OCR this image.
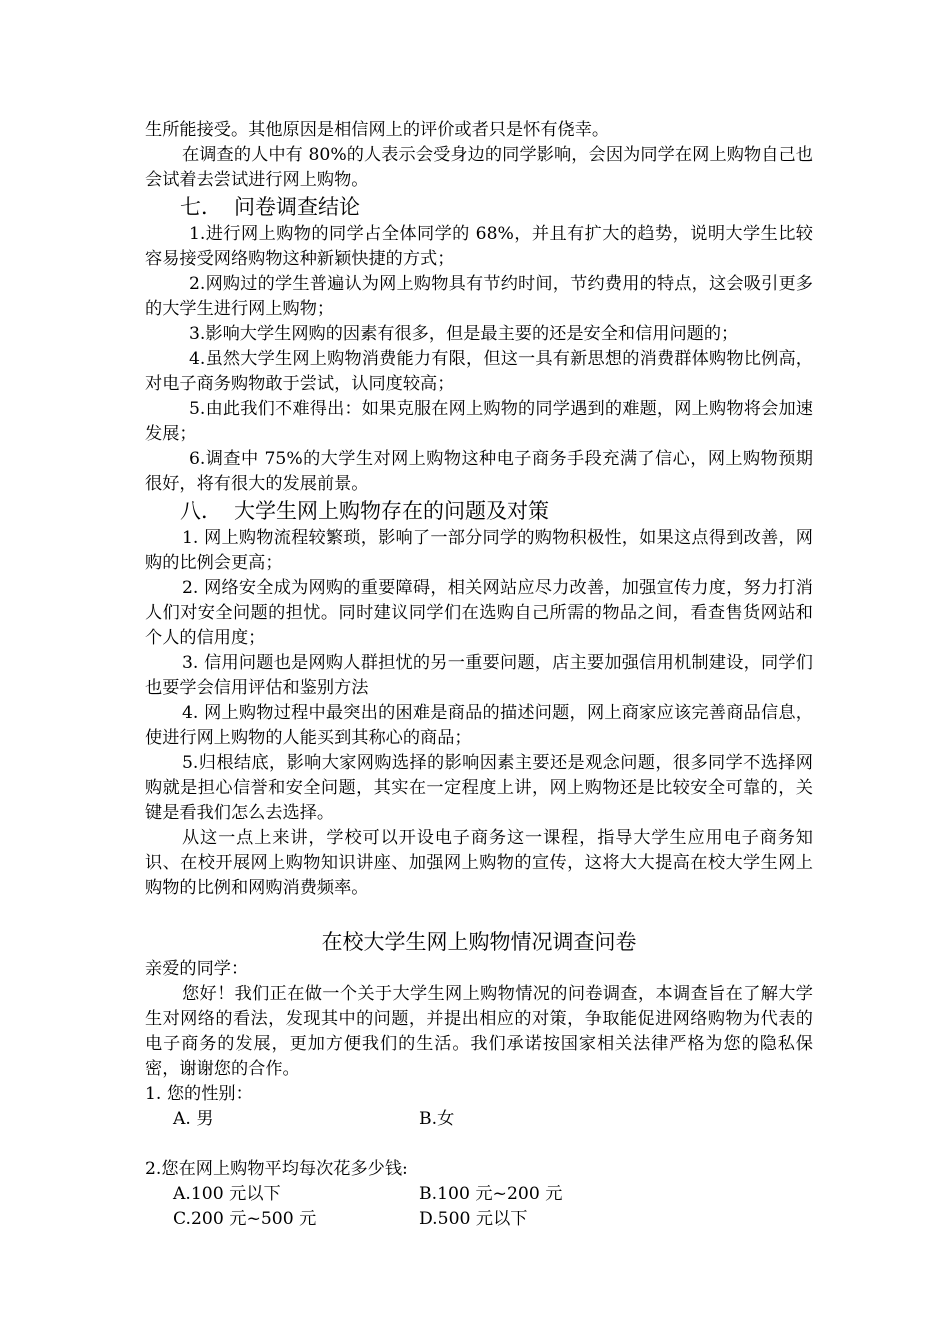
生所能接受。其他原因是相信网上的评价或者只是怀有侥幸。

在调查的人中有 80%的人表示会受身边的同学影响，会因为同学在网上购物自己也会试着去尝试进行网上购物。

七． 问卷调查结论

1.进行网上购物的同学占全体同学的 68%，并且有扩大的趋势，说明大学生比较容易接受网络购物这种新颖快捷的方式；

2.网购过的学生普遍认为网上购物具有节约时间，节约费用的特点，这会吸引更多的大学生进行网上购物；

3.影响大学生网购的因素有很多，但是最主要的还是安全和信用问题的；

4.虽然大学生网上购物消费能力有限，但这一具有新思想的消费群体购物比例高，对电子商务购物敢于尝试，认同度较高；

5.由此我们不难得出：如果克服在网上购物的同学遇到的难题，网上购物将会加速发展；

6.调查中 75%的大学生对网上购物这种电子商务手段充满了信心，网上购物预期很好，将有很大的发展前景。

八． 大学生网上购物存在的问题及对策

1. 网上购物流程较繁琐，影响了一部分同学的购物积极性，如果这点得到改善，网购的比例会更高；

2. 网络安全成为网购的重要障碍，相关网站应尽力改善，加强宣传力度，努力打消人们对安全问题的担忧。同时建议同学们在选购自己所需的物品之间，看查售货网站和个人的信用度；

3. 信用问题也是网购人群担忧的另一重要问题，店主要加强信用机制建设，同学们也要学会信用评估和鉴别方法

4. 网上购物过程中最突出的困难是商品的描述问题，网上商家应该完善商品信息，使进行网上购物的人能买到其称心的商品；

5.归根结底，影响大家网购选择的影响因素主要还是观念问题，很多同学不选择网购就是担心信誉和安全问题，其实在一定程度上讲，网上购物还是比较安全可靠的，关键是看我们怎么去选择。

从这一点上来讲，学校可以开设电子商务这一课程，指导大学生应用电子商务知识、在校开展网上购物知识讲座、加强网上购物的宣传，这将大大提高在校大学生网上购物的比例和网购消费频率。

在校大学生网上购物情况调查问卷

亲爱的同学：

您好！我们正在做一个关于大学生网上购物情况的问卷调查，本调查旨在了解大学生对网络的看法，发现其中的问题，并提出相应的对策，争取能促进网络购物为代表的电子商务的发展，更加方便我们的生活。我们承诺按国家相关法律严格为您的隐私保密，谢谢您的合作。

1. 您的性别：

A. 男	B.女

2.您在网上购物平均每次花多少钱:

A.100 元以下	B.100 元~200 元
C.200 元~500 元	D.500 元以下
